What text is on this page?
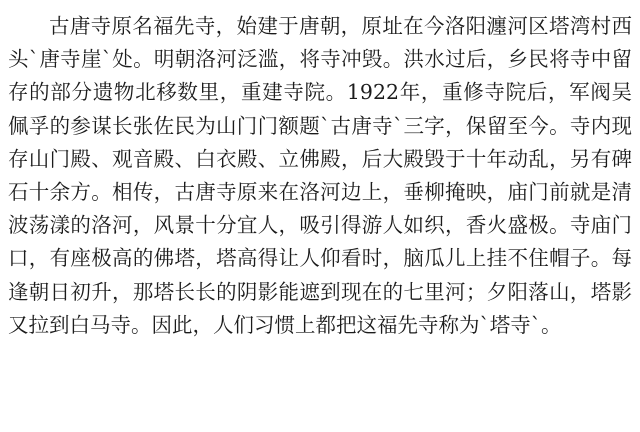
古唐寺原名福先寺，始建于唐朝，原址在今洛阳瀍河区塔湾村西头`唐寺崖`处。明朝洛河泛滥，将寺冲毁。洪水过后，乡民将寺中留存的部分遗物北移数里，重建寺院。1922年，重修寺院后，军阀吴佩孚的参谋长张佐民为山门门额题`古唐寺`三字，保留至今。寺内现存山门殿、观音殿、白衣殿、立佛殿，后大殿毁于十年动乱，另有碑石十余方。相传，古唐寺原来在洛河边上，垂柳掩映，庙门前就是清波荡漾的洛河，风景十分宜人，吸引得游人如织，香火盛极。寺庙门口，有座极高的佛塔，塔高得让人仰看时，脑瓜儿上挂不住帽子。每逢朝日初升，那塔长长的阴影能遮到现在的七里河；夕阳落山，塔影又拉到白马寺。因此，人们习惯上都把这福先寺称为`塔寺`。
